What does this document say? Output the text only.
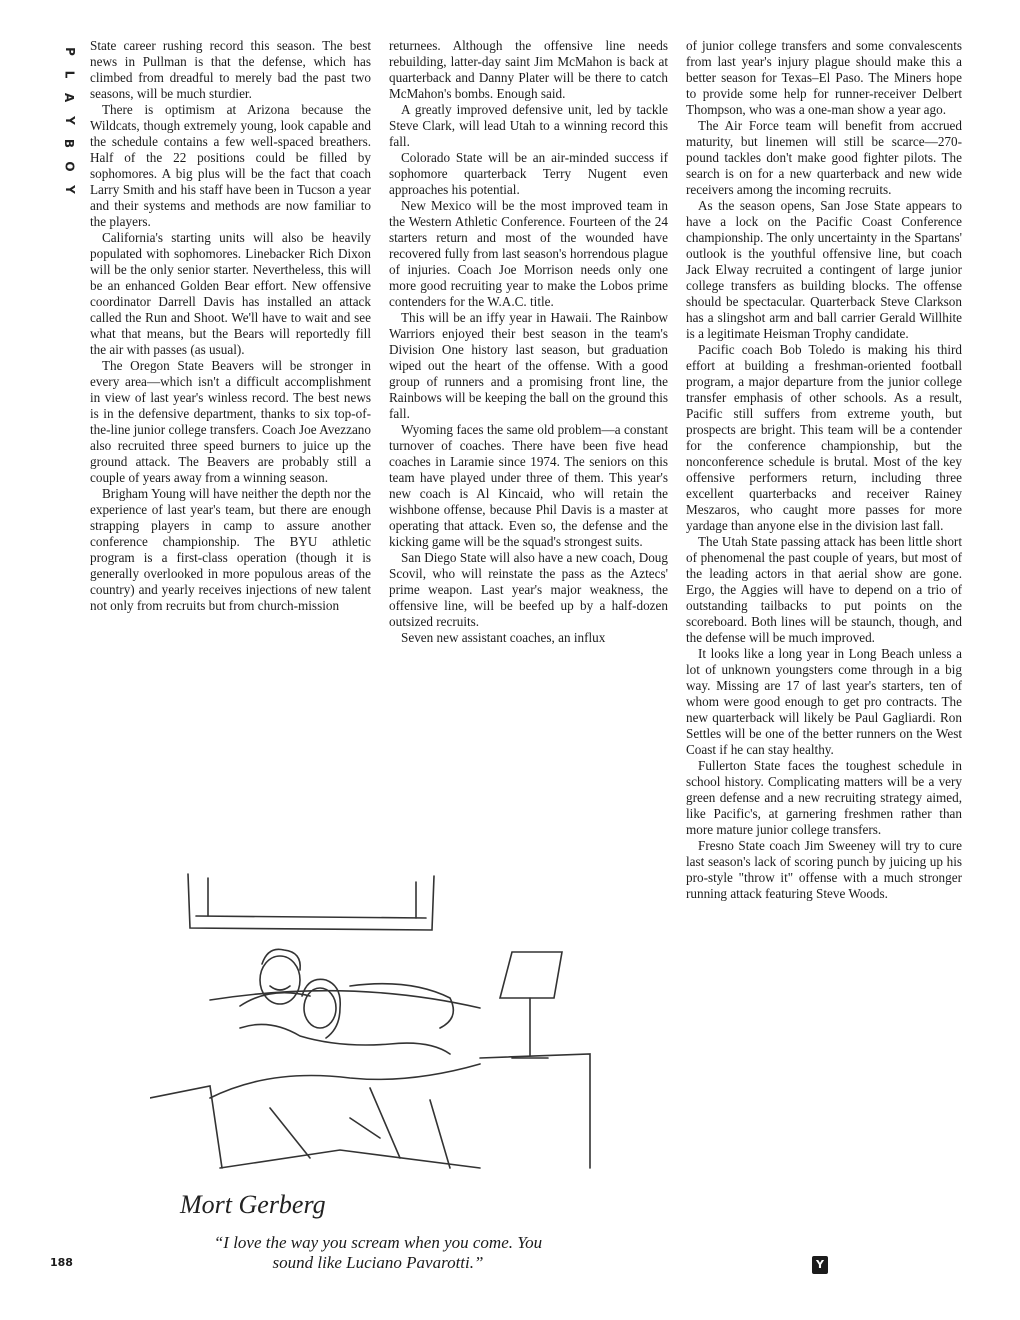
P
L
A
Y
B
O
Y

State career rushing record this season. The best news in Pullman is that the defense, which has climbed from dreadful to merely bad the past two seasons, will be much sturdier.

There is optimism at Arizona because the Wildcats, though extremely young, look capable and the schedule contains a few well-spaced breathers. Half of the 22 positions could be filled by sophomores. A big plus will be the fact that coach Larry Smith and his staff have been in Tucson a year and their systems and methods are now familiar to the players.

California's starting units will also be heavily populated with sophomores. Linebacker Rich Dixon will be the only senior starter. Nevertheless, this will be an enhanced Golden Bear effort. New offensive coordinator Darrell Davis has installed an attack called the Run and Shoot. We'll have to wait and see what that means, but the Bears will reportedly fill the air with passes (as usual).

The Oregon State Beavers will be stronger in every area—which isn't a difficult accomplishment in view of last year's winless record. The best news is in the defensive department, thanks to six top-of-the-line junior college transfers. Coach Joe Avezzano also recruited three speed burners to juice up the ground attack. The Beavers are probably still a couple of years away from a winning season.

Brigham Young will have neither the depth nor the experience of last year's team, but there are enough strapping players in camp to assure another conference championship. The BYU athletic program is a first-class operation (though it is generally overlooked in more populous areas of the country) and yearly receives injections of new talent not only from recruits but from church-mission

returnees. Although the offensive line needs rebuilding, latter-day saint Jim McMahon is back at quarterback and Danny Plater will be there to catch McMahon's bombs. Enough said.

A greatly improved defensive unit, led by tackle Steve Clark, will lead Utah to a winning record this fall.

Colorado State will be an air-minded success if sophomore quarterback Terry Nugent even approaches his potential.

New Mexico will be the most improved team in the Western Athletic Conference. Fourteen of the 24 starters return and most of the wounded have recovered fully from last season's horrendous plague of injuries. Coach Joe Morrison needs only one more good recruiting year to make the Lobos prime contenders for the W.A.C. title.

This will be an iffy year in Hawaii. The Rainbow Warriors enjoyed their best season in the team's Division One history last season, but graduation wiped out the heart of the offense. With a good group of runners and a promising front line, the Rainbows will be keeping the ball on the ground this fall.

Wyoming faces the same old problem—a constant turnover of coaches. There have been five head coaches in Laramie since 1974. The seniors on this team have played under three of them. This year's new coach is Al Kincaid, who will retain the wishbone offense, because Phil Davis is a master at operating that attack. Even so, the defense and the kicking game will be the squad's strongest suits.

San Diego State will also have a new coach, Doug Scovil, who will reinstate the pass as the Aztecs' prime weapon. Last year's major weakness, the offensive line, will be beefed up by a half-dozen outsized recruits.

Seven new assistant coaches, an influx

of junior college transfers and some convalescents from last year's injury plague should make this a better season for Texas–El Paso. The Miners hope to provide some help for runner-receiver Delbert Thompson, who was a one-man show a year ago.

The Air Force team will benefit from accrued maturity, but linemen will still be scarce—270-pound tackles don't make good fighter pilots. The search is on for a new quarterback and new wide receivers among the incoming recruits.

As the season opens, San Jose State appears to have a lock on the Pacific Coast Conference championship. The only uncertainty in the Spartans' outlook is the youthful offensive line, but coach Jack Elway recruited a contingent of large junior college transfers as building blocks. The offense should be spectacular. Quarterback Steve Clarkson has a slingshot arm and ball carrier Gerald Willhite is a legitimate Heisman Trophy candidate.

Pacific coach Bob Toledo is making his third effort at building a freshman-oriented football program, a major departure from the junior college transfer emphasis of other schools. As a result, Pacific still suffers from extreme youth, but prospects are bright. This team will be a contender for the conference championship, but the nonconference schedule is brutal. Most of the key offensive performers return, including three excellent quarterbacks and receiver Rainey Meszaros, who caught more passes for more yardage than anyone else in the division last fall.

The Utah State passing attack has been little short of phenomenal the past couple of years, but most of the leading actors in that aerial show are gone. Ergo, the Aggies will have to depend on a trio of outstanding tailbacks to put points on the scoreboard. Both lines will be staunch, though, and the defense will be much improved.

It looks like a long year in Long Beach unless a lot of unknown youngsters come through in a big way. Missing are 17 of last year's starters, ten of whom were good enough to get pro contracts. The new quarterback will likely be Paul Gagliardi. Ron Settles will be one of the better runners on the West Coast if he can stay healthy.

Fullerton State faces the toughest schedule in school history. Complicating matters will be a very green defense and a new recruiting strategy aimed, like Pacific's, at garnering freshmen rather than more mature junior college transfers.

Fresno State coach Jim Sweeney will try to cure last season's lack of scoring punch by juicing up his pro-style "throw it" offense with a much stronger running attack featuring Steve Woods.

Mort Gerberg
“I love the way you scream when you come. You
sound like Luciano Pavarotti.”
188	Y
